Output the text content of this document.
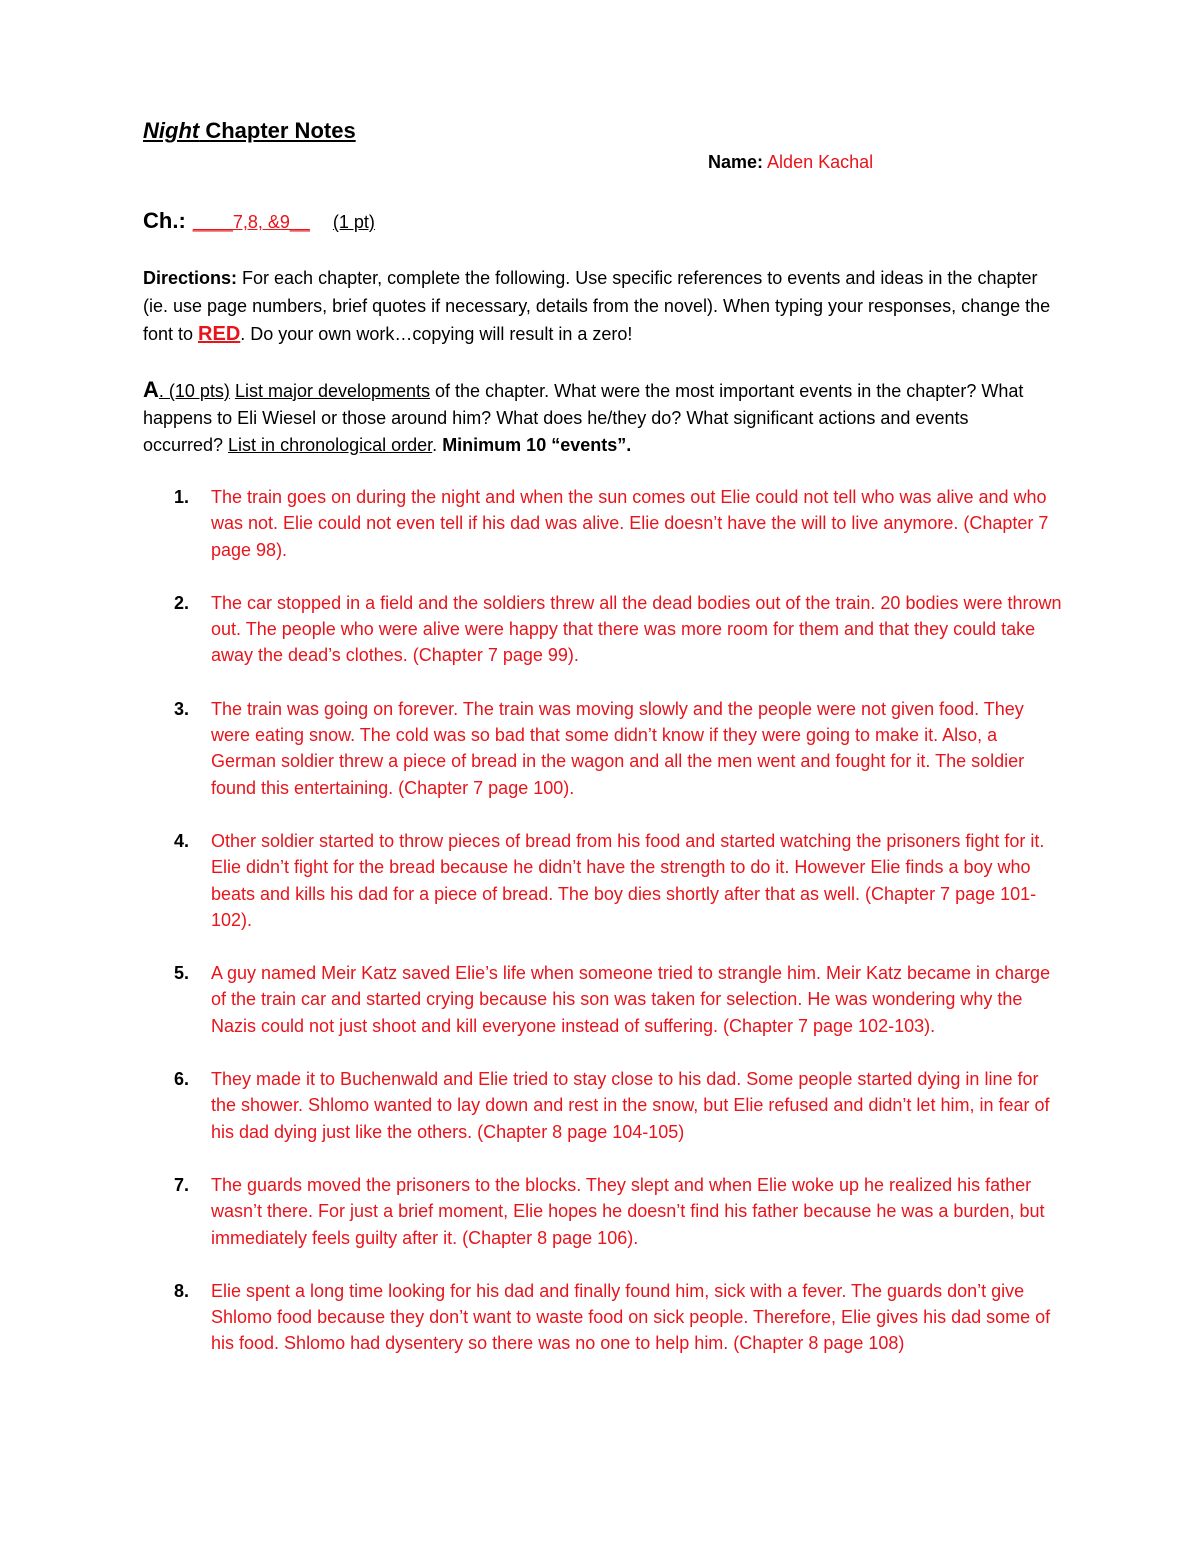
Night Chapter Notes
Name: Alden Kachal
Ch.: ____7,8, &9__ (1 pt)

Directions: For each chapter, complete the following. Use specific references to events and ideas in the chapter (ie. use page numbers, brief quotes if necessary, details from the novel). When typing your responses, change the font to RED. Do your own work…copying will result in a zero!

A. (10 pts) List major developments of the chapter. What were the most important events in the chapter? What happens to Eli Wiesel or those around him? What does he/they do? What significant actions and events occurred? List in chronological order. Minimum 10 “events”.

1.	The train goes on during the night and when the sun comes out Elie could not tell who was alive and who was not. Elie could not even tell if his dad was alive. Elie doesn’t have the will to live anymore. (Chapter 7 page 98).
2.	The car stopped in a field and the soldiers threw all the dead bodies out of the train. 20 bodies were thrown out. The people who were alive were happy that there was more room for them and that they could take away the dead’s clothes. (Chapter 7 page 99).
3.	The train was going on forever. The train was moving slowly and the people were not given food. They were eating snow. The cold was so bad that some didn’t know if they were going to make it. Also, a German soldier threw a piece of bread in the wagon and all the men went and fought for it. The soldier found this entertaining. (Chapter 7 page 100).
4.	Other soldier started to throw pieces of bread from his food and started watching the prisoners fight for it. Elie didn’t fight for the bread because he didn’t have the strength to do it. However Elie finds a boy who beats and kills his dad for a piece of bread. The boy dies shortly after that as well. (Chapter 7 page 101-102).
5.	A guy named Meir Katz saved Elie’s life when someone tried to strangle him. Meir Katz became in charge of the train car and started crying because his son was taken for selection. He was wondering why the Nazis could not just shoot and kill everyone instead of suffering. (Chapter 7 page 102-103).
6.	They made it to Buchenwald and Elie tried to stay close to his dad. Some people started dying in line for the shower. Shlomo wanted to lay down and rest in the snow, but Elie refused and didn’t let him, in fear of his dad dying just like the others. (Chapter 8 page 104-105)
7.	The guards moved the prisoners to the blocks. They slept and when Elie woke up he realized his father wasn’t there. For just a brief moment, Elie hopes he doesn’t find his father because he was a burden, but immediately feels guilty after it. (Chapter 8 page 106).
8.	Elie spent a long time looking for his dad and finally found him, sick with a fever. The guards don’t give Shlomo food because they don’t want to waste food on sick people. Therefore, Elie gives his dad some of his food. Shlomo had dysentery so there was no one to help him. (Chapter 8 page 108)
